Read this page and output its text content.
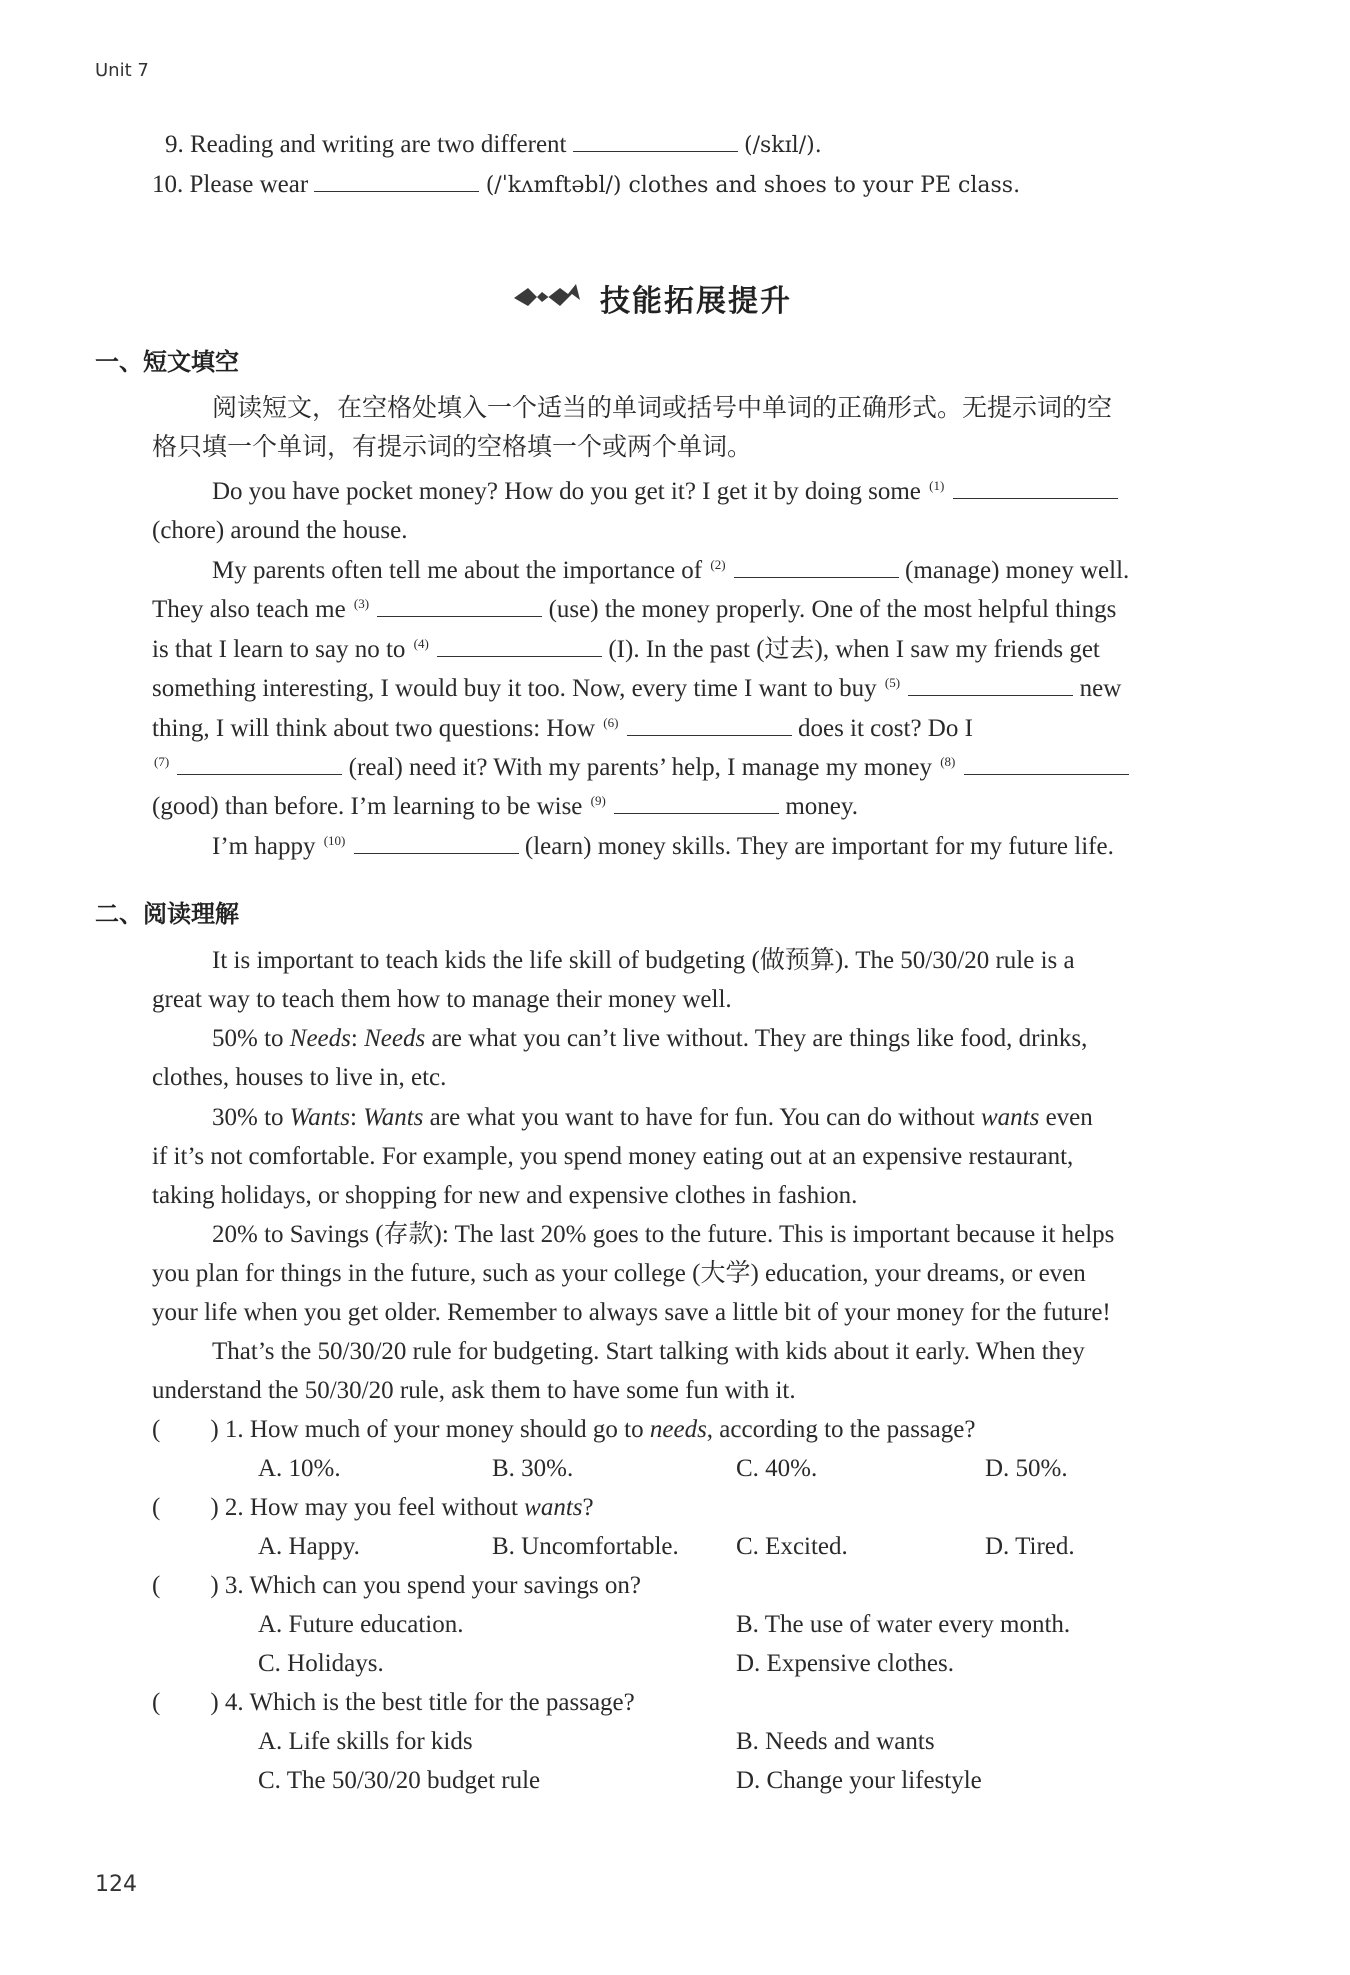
Unit 7
9. Reading and writing are two different	(/skɪl/).
10. Please wear	(/ˈkʌmftəbl/) clothes and shoes to your PE class.
技能拓展提升
一、短文填空
阅读短文，在空格处填入一个适当的单词或括号中单词的正确形式。无提示词的空
格只填一个单词，有提示词的空格填一个或两个单词。
Do you have pocket money? How do you get it? I get it by doing some $^{(1)}$
(chore) around the house.
My parents often tell me about the importance of $^{(2)}$	(manage) money well.
They also teach me $^{(3)}$	(use) the money properly. One of the most helpful things
is that I learn to say no to $^{(4)}$	(I). In the past (过去), when I saw my friends get
something interesting, I would buy it too. Now, every time I want to buy $^{(5)}$	new
thing, I will think about two questions: How $^{(6)}$	does it cost? Do I
$^{(7)}$	(real) need it? With my parents’ help, I manage my money $^{(8)}$
(good) than before. I’m learning to be wise $^{(9)}$	money.
I’m happy $^{(10)}$	(learn) money skills. They are important for my future life.
二、阅读理解
It is important to teach kids the life skill of budgeting (做预算). The 50/30/20 rule is a
great way to teach them how to manage their money well.
50% to Needs: Needs are what you can’t live without. They are things like food, drinks,
clothes, houses to live in, etc.
30% to Wants: Wants are what you want to have for fun. You can do without wants even
if it’s not comfortable. For example, you spend money eating out at an expensive restaurant,
taking holidays, or shopping for new and expensive clothes in fashion.
20% to Savings (存款): The last 20% goes to the future. This is important because it helps
you plan for things in the future, such as your college (大学) education, your dreams, or even
your life when you get older. Remember to always save a little bit of your money for the future!
That’s the 50/30/20 rule for budgeting. Start talking with kids about it early. When they
understand the 50/30/20 rule, ask them to have some fun with it.
(        ) 1. How much of your money should go to needs, according to the passage?
A. 10%.	B. 30%.	C. 40%.	D. 50%.
(        ) 2. How may you feel without wants?
A. Happy.	B. Uncomfortable. C. Excited.	D. Tired.
(        ) 3. Which can you spend your savings on?
A. Future education.	B. The use of water every month.
C. Holidays.	D. Expensive clothes.
(        ) 4. Which is the best title for the passage?
A. Life skills for kids	B. Needs and wants
C. The 50/30/20 budget rule	D. Change your lifestyle
124
